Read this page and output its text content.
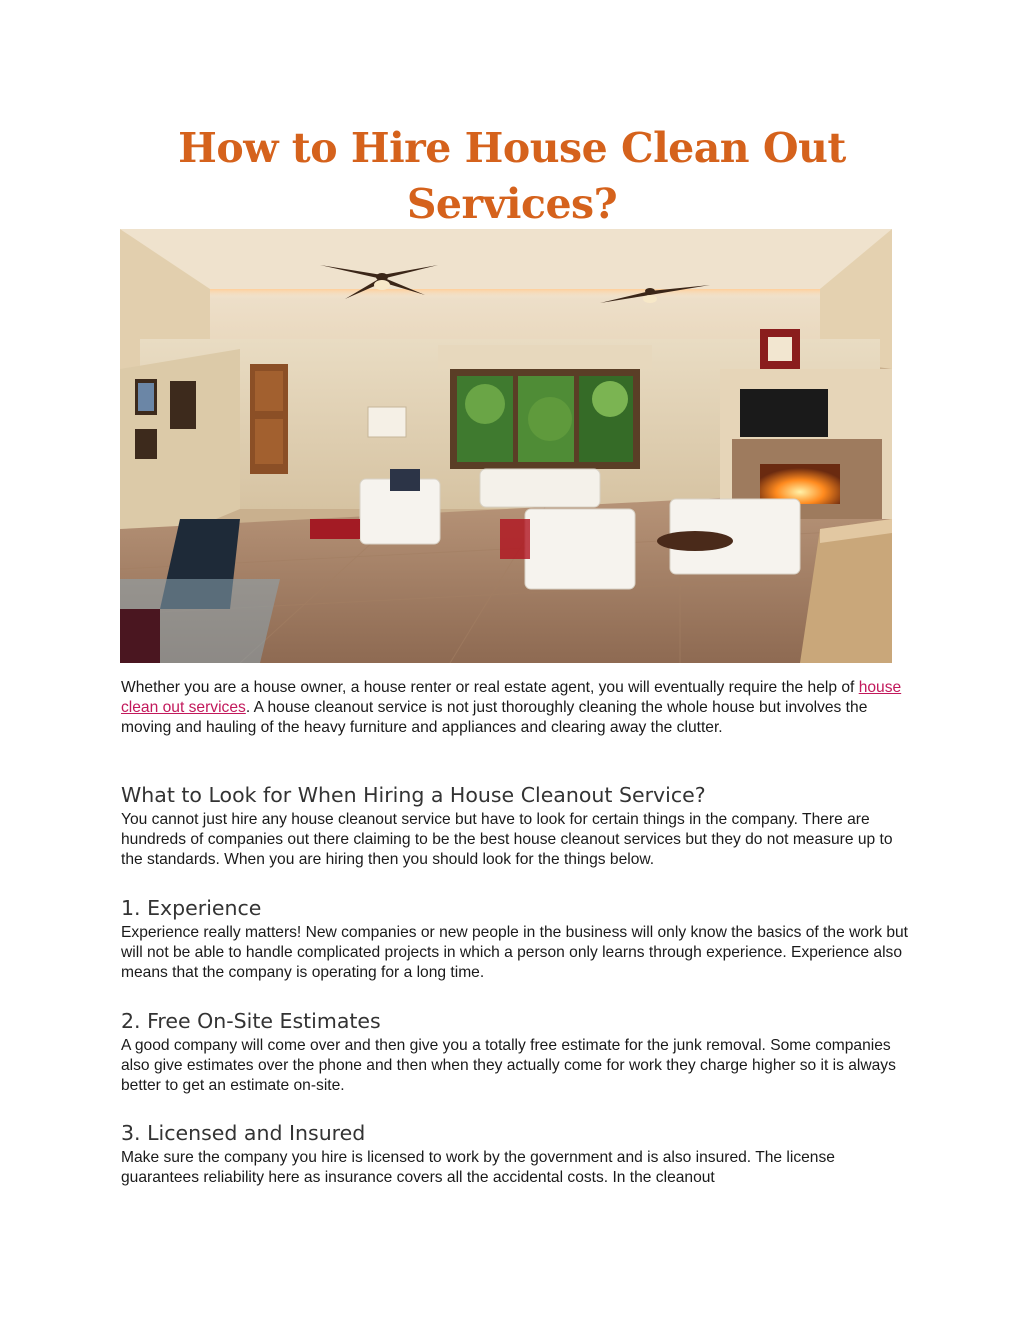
How to Hire House Clean Out Services?

Whether you are a house owner, a house renter or real estate agent, you will eventually require the help of house clean out services. A house cleanout service is not just thoroughly cleaning the whole house but involves the moving and hauling of the heavy furniture and appliances and clearing away the clutter.

What to Look for When Hiring a House Cleanout Service?

You cannot just hire any house cleanout service but have to look for certain things in the company. There are hundreds of companies out there claiming to be the best house cleanout services but they do not measure up to the standards. When you are hiring then you should look for the things below.

1. Experience

Experience really matters! New companies or new people in the business will only know the basics of the work but will not be able to handle complicated projects in which a person only learns through experience. Experience also means that the company is operating for a long time.

2. Free On-Site Estimates

A good company will come over and then give you a totally free estimate for the junk removal. Some companies also give estimates over the phone and then when they actually come for work they charge higher so it is always better to get an estimate on-site.

3. Licensed and Insured

Make sure the company you hire is licensed to work by the government and is also insured. The license guarantees reliability here as insurance covers all the accidental costs. In the cleanout
